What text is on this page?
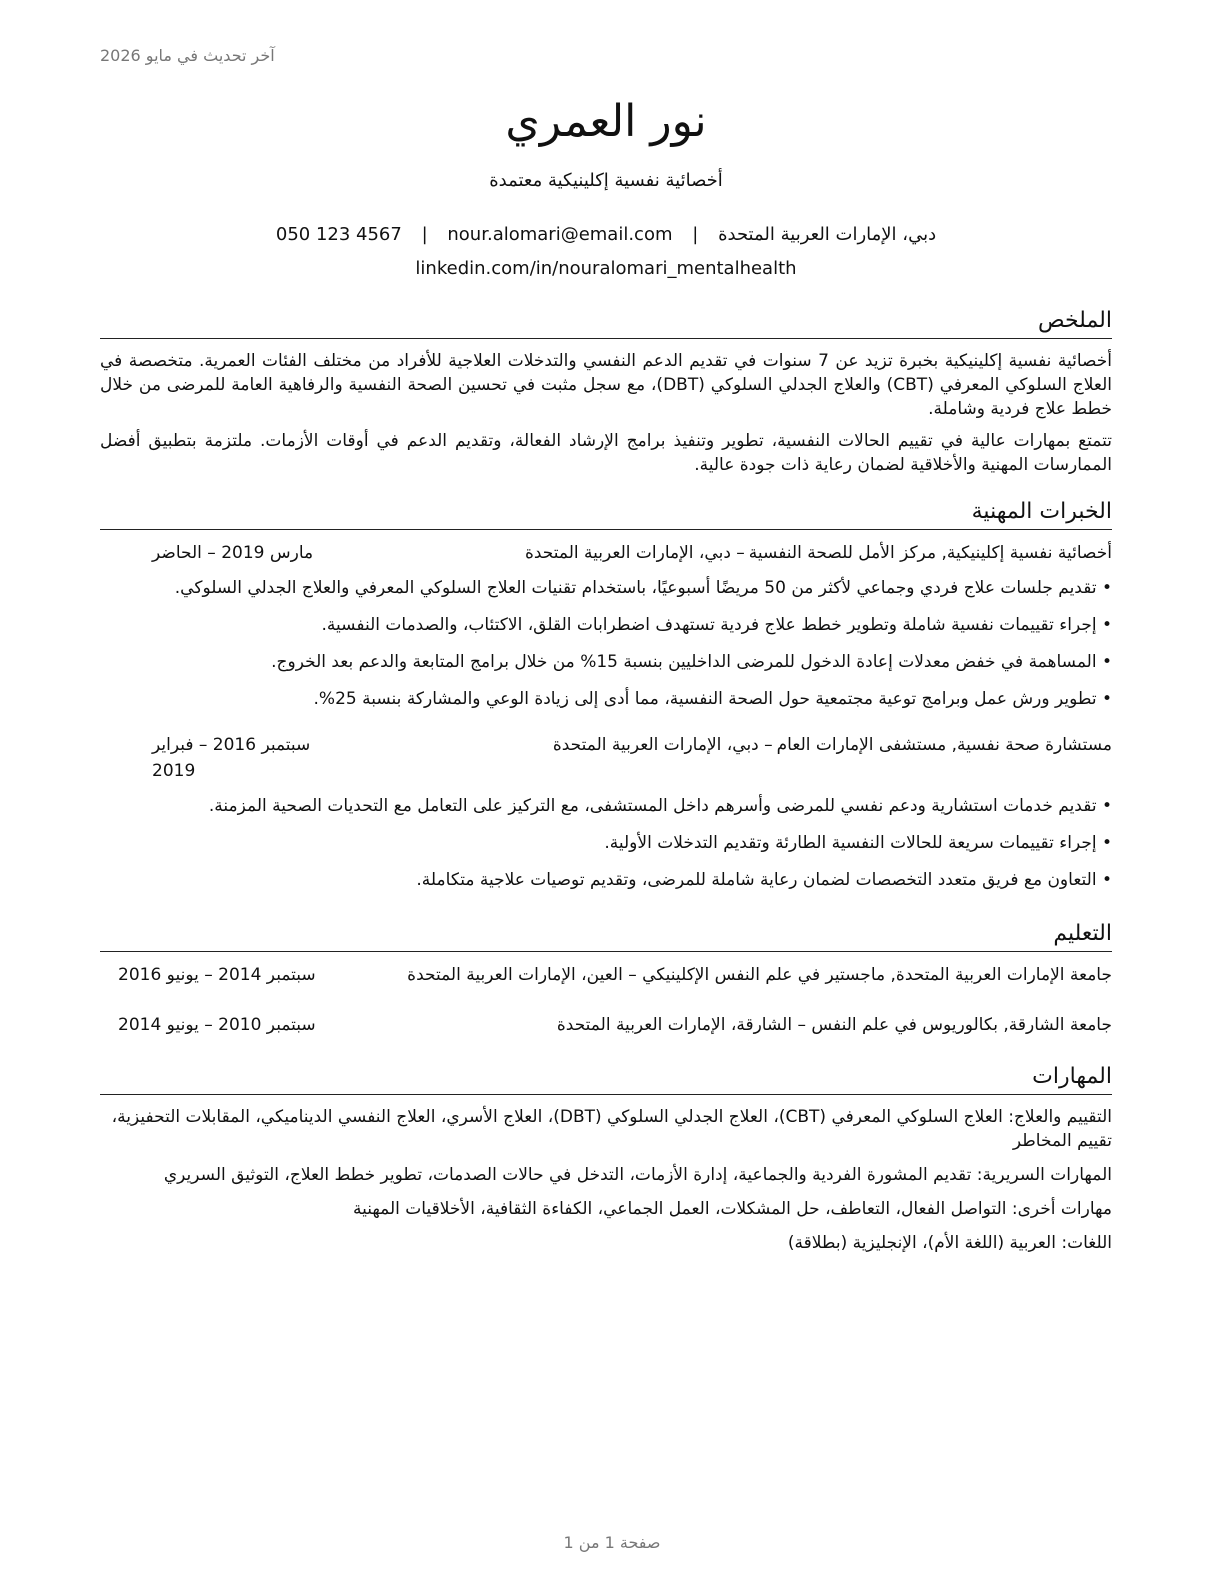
آخر تحديث في مايو 2026
نور العمري
أخصائية نفسية إكلينيكية معتمدة
دبي، الإمارات العربية المتحدة | nour.alomari@email.com | 050 123 4567
linkedin.com/in/nouralomari_mentalhealth
الملخص

أخصائية نفسية إكلينيكية بخبرة تزيد عن 7 سنوات في تقديم الدعم النفسي والتدخلات العلاجية للأفراد من مختلف الفئات العمرية. متخصصة في العلاج السلوكي المعرفي (CBT) والعلاج الجدلي السلوكي (DBT)، مع سجل مثبت في تحسين الصحة النفسية والرفاهية العامة للمرضى من خلال خطط علاج فردية وشاملة.

تتمتع بمهارات عالية في تقييم الحالات النفسية، تطوير وتنفيذ برامج الإرشاد الفعالة، وتقديم الدعم في أوقات الأزمات. ملتزمة بتطبيق أفضل الممارسات المهنية والأخلاقية لضمان رعاية ذات جودة عالية.

الخبرات المهنية
أخصائية نفسية إكلينيكية, مركز الأمل للصحة النفسية
– دبي، الإمارات العربية المتحدة
مارس 2019 – الحاضر
• تقديم جلسات علاج فردي وجماعي لأكثر من 50 مريضًا أسبوعيًا، باستخدام تقنيات العلاج السلوكي المعرفي والعلاج الجدلي السلوكي.
• إجراء تقييمات نفسية شاملة وتطوير خطط علاج فردية تستهدف اضطرابات القلق، الاكتئاب، والصدمات النفسية.
• المساهمة في خفض معدلات إعادة الدخول للمرضى الداخليين بنسبة 15% من خلال برامج المتابعة والدعم بعد الخروج.
• تطوير ورش عمل وبرامج توعية مجتمعية حول الصحة النفسية، مما أدى إلى زيادة الوعي والمشاركة بنسبة 25%.
مستشارة صحة نفسية, مستشفى الإمارات العام
– دبي، الإمارات العربية المتحدة
سبتمبر 2016 – فبراير 2019
• تقديم خدمات استشارية ودعم نفسي للمرضى وأسرهم داخل المستشفى، مع التركيز على التعامل مع التحديات الصحية المزمنة.
• إجراء تقييمات سريعة للحالات النفسية الطارئة وتقديم التدخلات الأولية.
• التعاون مع فريق متعدد التخصصات لضمان رعاية شاملة للمرضى، وتقديم توصيات علاجية متكاملة.
التعليم
جامعة الإمارات العربية المتحدة, ماجستير في علم النفس الإكلينيكي – العين، الإمارات العربية المتحدة
سبتمبر 2014 – يونيو 2016
جامعة الشارقة, بكالوريوس في علم النفس – الشارقة، الإمارات العربية المتحدة
سبتمبر 2010 – يونيو 2014
المهارات
التقييم والعلاج: العلاج السلوكي المعرفي (CBT)، العلاج الجدلي السلوكي (DBT)، العلاج الأسري، العلاج النفسي الديناميكي، المقابلات التحفيزية، تقييم المخاطر
المهارات السريرية: تقديم المشورة الفردية والجماعية، إدارة الأزمات، التدخل في حالات الصدمات، تطوير خطط العلاج، التوثيق السريري
مهارات أخرى: التواصل الفعال، التعاطف، حل المشكلات، العمل الجماعي، الكفاءة الثقافية، الأخلاقيات المهنية
اللغات: العربية (اللغة الأم)، الإنجليزية (بطلاقة)
صفحة 1 من 1
